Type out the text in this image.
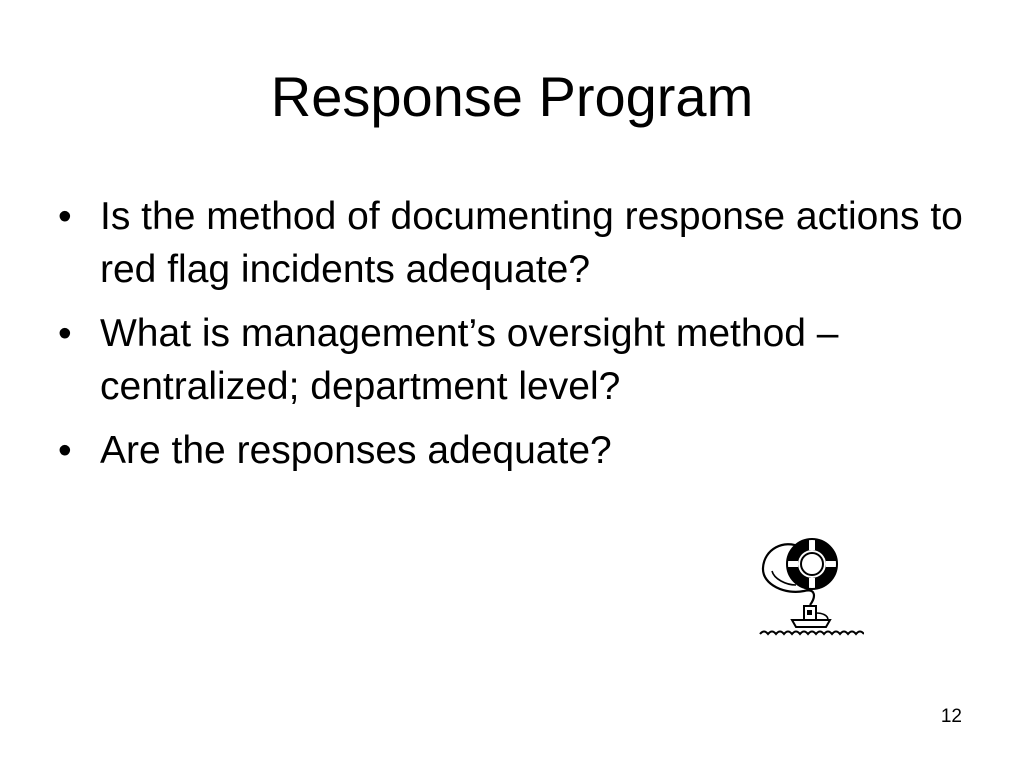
Response Program
• Is the method of documenting response actions to red flag incidents adequate?
• What is management’s oversight method – centralized; department level?
• Are the responses adequate?
12
